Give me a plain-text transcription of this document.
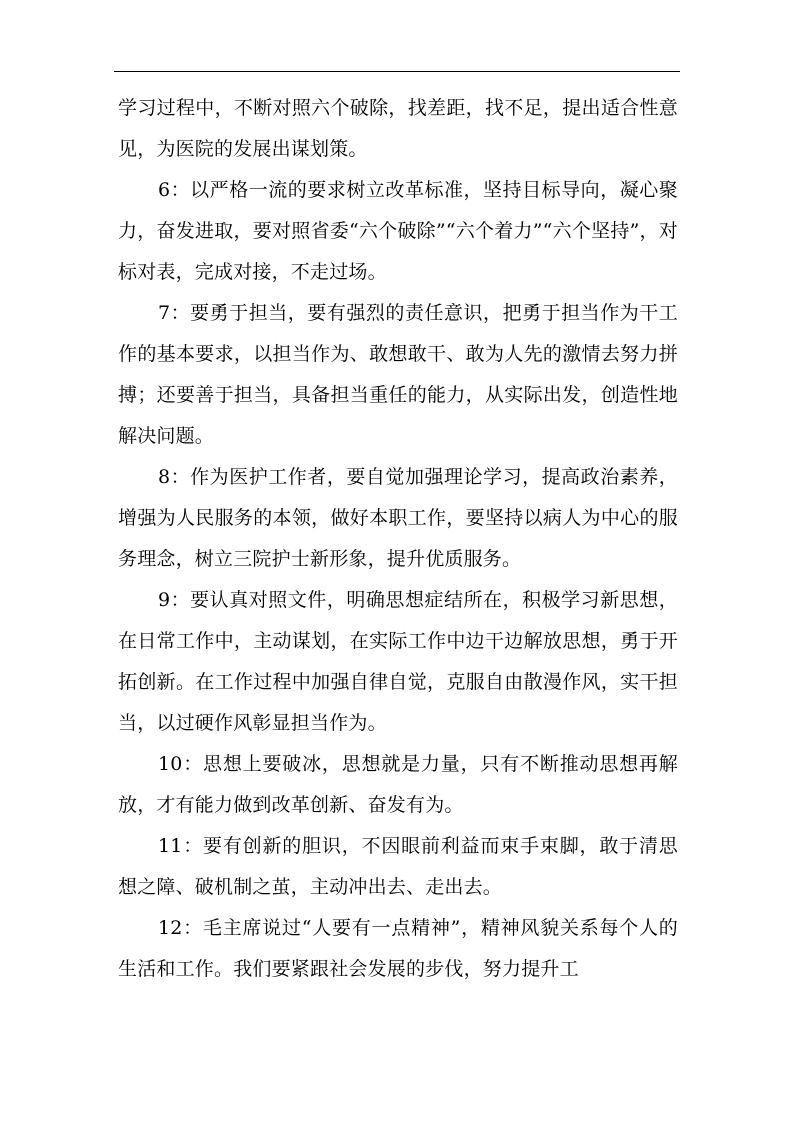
学习过程中，不断对照六个破除，找差距，找不足，提出适合性意见，为医院的发展出谋划策。

6：以严格一流的要求树立改革标准，坚持目标导向，凝心聚力，奋发进取，要对照省委“六个破除”“六个着力”“六个坚持”，对标对表，完成对接，不走过场。

7：要勇于担当，要有强烈的责任意识，把勇于担当作为干工作的基本要求，以担当作为、敢想敢干、敢为人先的激情去努力拼搏；还要善于担当，具备担当重任的能力，从实际出发，创造性地解决问题。

8：作为医护工作者，要自觉加强理论学习，提高政治素养，增强为人民服务的本领，做好本职工作，要坚持以病人为中心的服务理念，树立三院护士新形象，提升优质服务。

9：要认真对照文件，明确思想症结所在，积极学习新思想，在日常工作中，主动谋划，在实际工作中边干边解放思想，勇于开拓创新。在工作过程中加强自律自觉，克服自由散漫作风，实干担当，以过硬作风彰显担当作为。

10：思想上要破冰，思想就是力量，只有不断推动思想再解放，才有能力做到改革创新、奋发有为。

11：要有创新的胆识，不因眼前利益而束手束脚，敢于清思想之障、破机制之茧，主动冲出去、走出去。

12：毛主席说过“人要有一点精神”，精神风貌关系每个人的生活和工作。我们要紧跟社会发展的步伐，努力提升工
